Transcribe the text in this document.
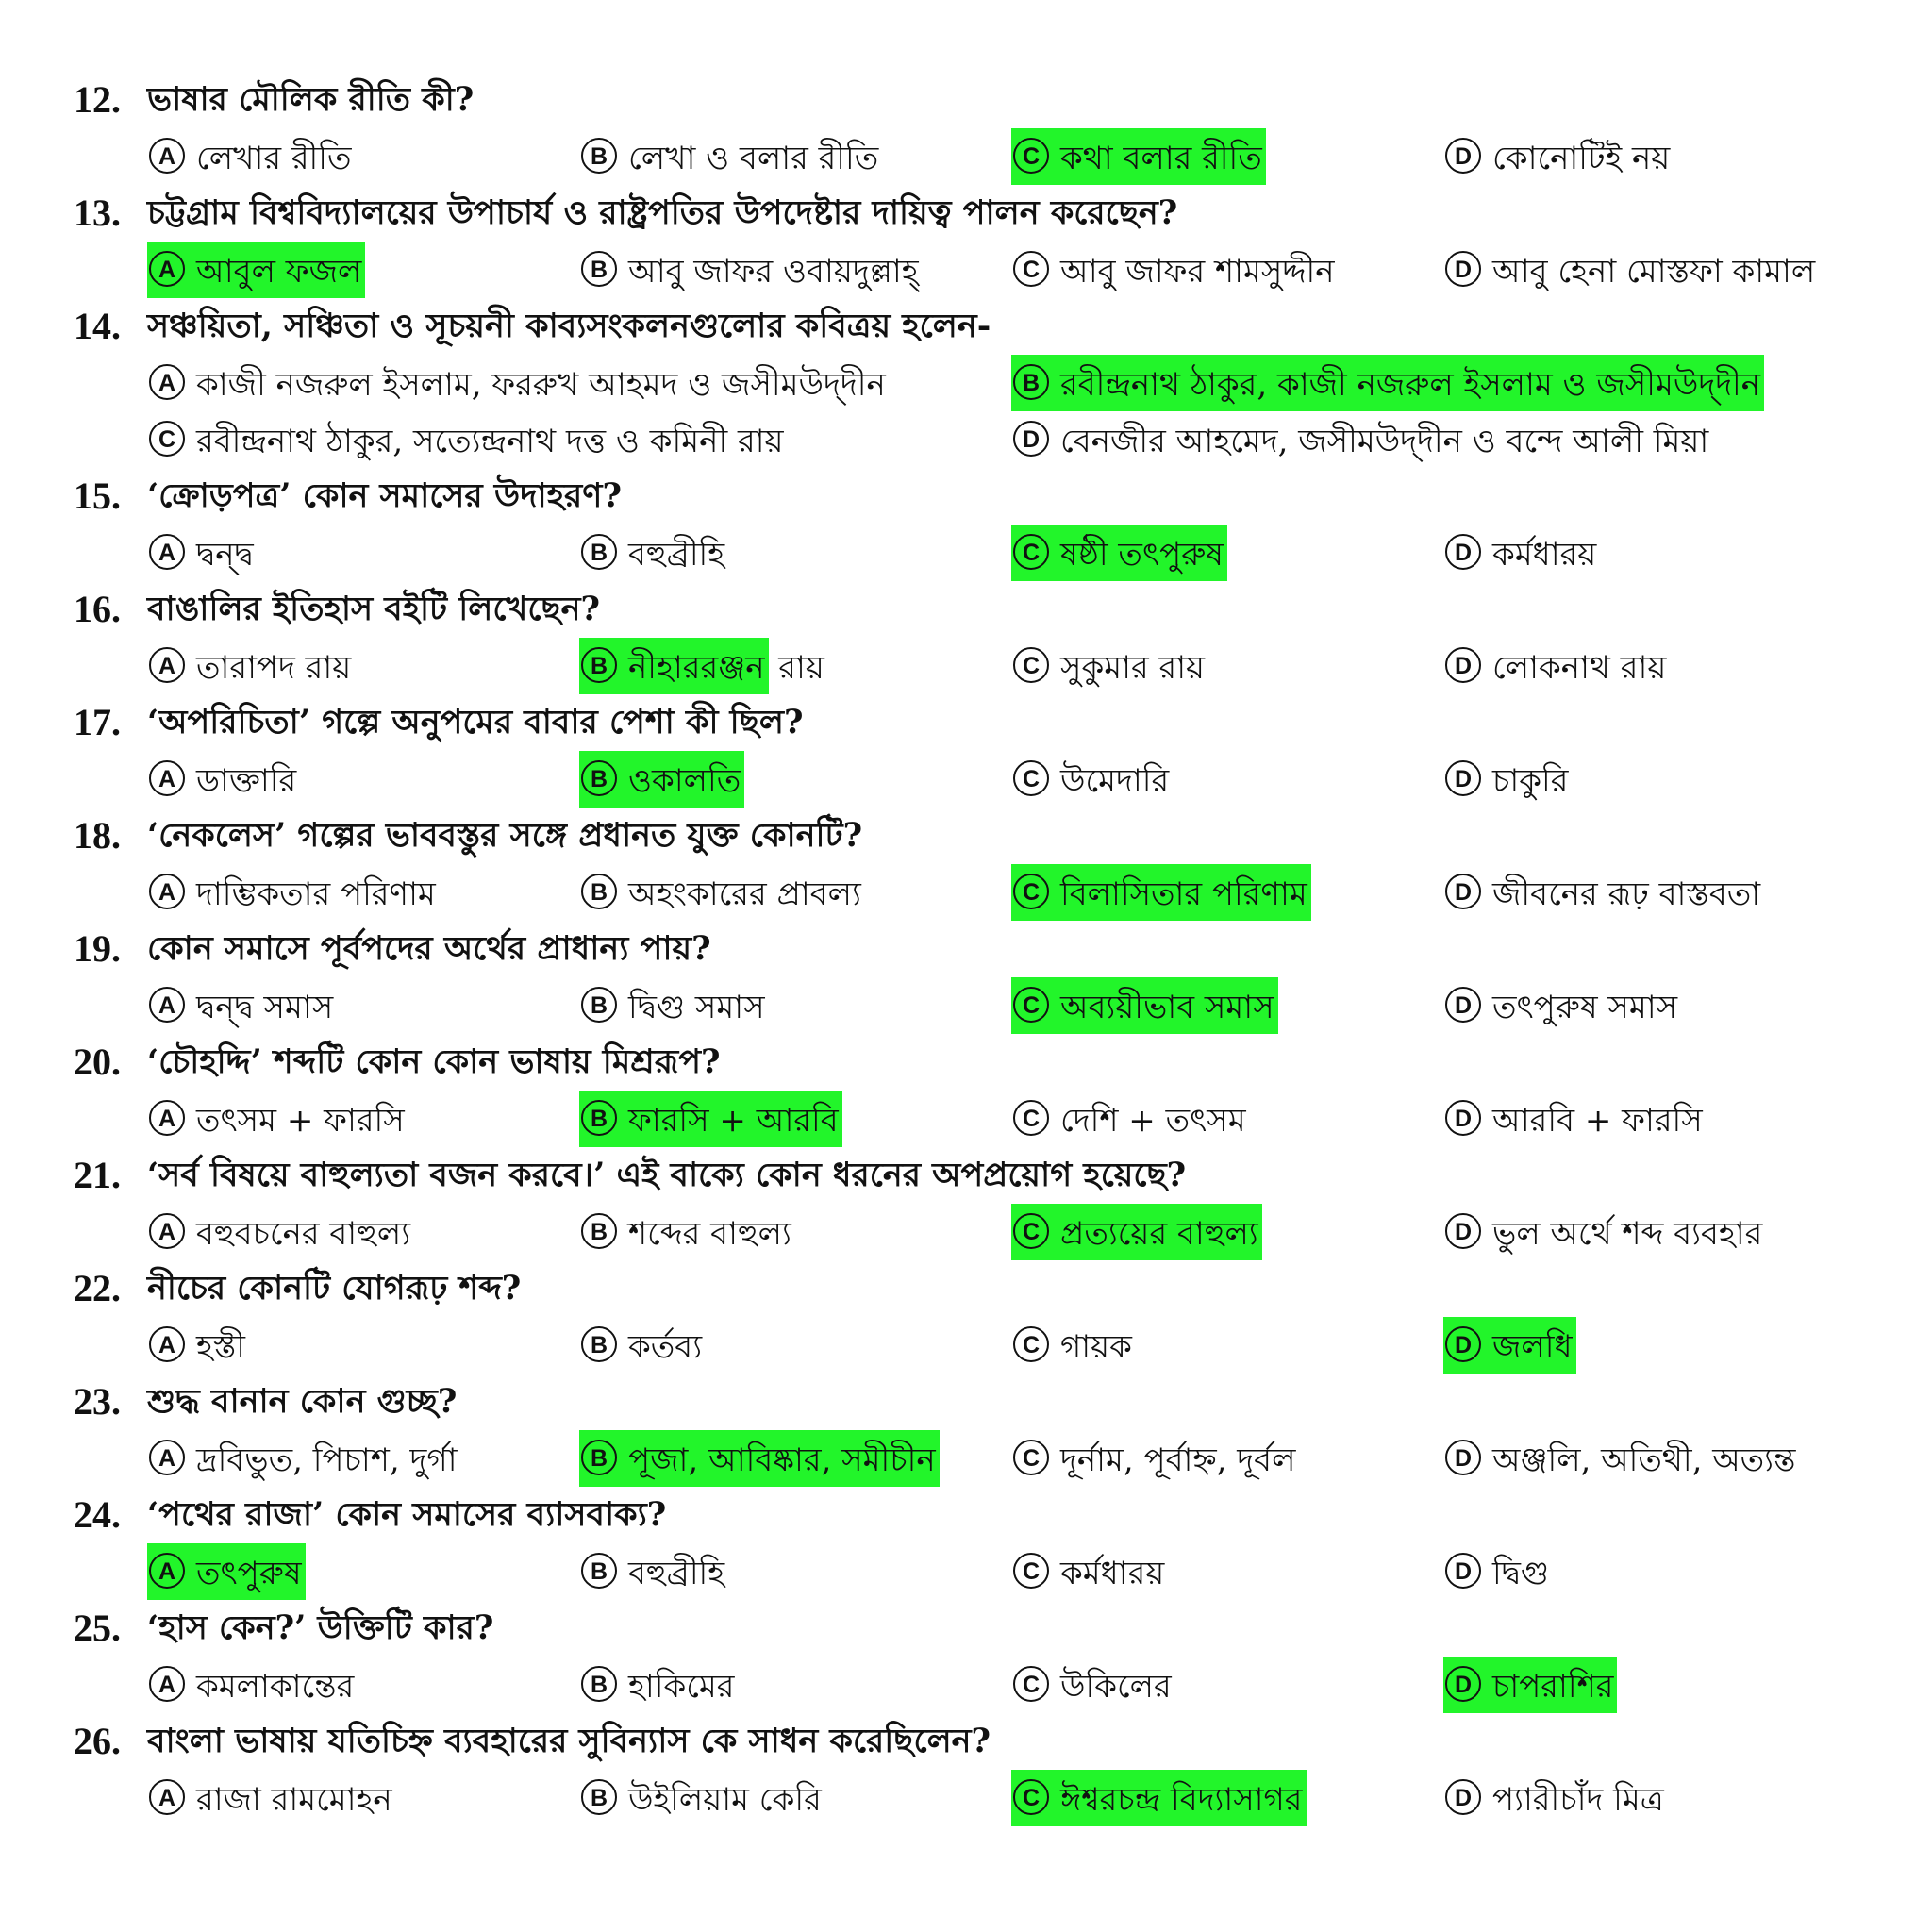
12. ভাষার মৌলিক রীতি কী?
A লেখার রীতি	B লেখা ও বলার রীতি	C কথা বলার রীতি	D কোনোটিই নয়
13. চট্টগ্রাম বিশ্ববিদ্যালয়ের উপাচার্য ও রাষ্ট্রপতির উপদেষ্টার দায়িত্ব পালন করেছেন?
A আবুল ফজল	B আবু জাফর ওবায়দুল্লাহ্	C আবু জাফর শামসুদ্দীন	D আবু হেনা মোস্তফা কামাল
14. সঞ্চয়িতা, সঞ্চিতা ও সূচয়নী কাব্যসংকলনগুলোর কবিত্রয় হলেন-
A কাজী নজরুল ইসলাম, ফররুখ আহমদ ও জসীমউদ্‌দীন	B রবীন্দ্রনাথ ঠাকুর, কাজী নজরুল ইসলাম ও জসীমউদ্‌দীন
C রবীন্দ্রনাথ ঠাকুর, সত্যেন্দ্রনাথ দত্ত ও কমিনী রায়	D বেনজীর আহমেদ, জসীমউদ্‌দীন ও বন্দে আলী মিয়া
15. ‘ক্রোড়পত্র’ কোন সমাসের উদাহরণ?
A দ্বন্দ্ব	B বহুব্রীহি	C ষষ্ঠী তৎপুরুষ	D কর্মধারয়
16. বাঙালির ইতিহাস বইটি লিখেছেন?
A তারাপদ রায়	B নীহাররঞ্জন রায়	C সুকুমার রায়	D লোকনাথ রায়
17. ‘অপরিচিতা’ গল্পে অনুপমের বাবার পেশা কী ছিল?
A ডাক্তারি	B ওকালতি	C উমেদারি	D চাকুরি
18. ‘নেকলেস’ গল্পের ভাববস্তুর সঙ্গে প্রধানত যুক্ত কোনটি?
A দাম্ভিকতার পরিণাম	B অহংকারের প্রাবল্য	C বিলাসিতার পরিণাম	D জীবনের রূঢ় বাস্তবতা
19. কোন সমাসে পূর্বপদের অর্থের প্রাধান্য পায়?
A দ্বন্দ্ব সমাস	B দ্বিগু সমাস	C অব্যয়ীভাব সমাস	D তৎপুরুষ সমাস
20. ‘চৌহদ্দি’ শব্দটি কোন কোন ভাষায় মিশ্ররূপ?
A তৎসম + ফারসি	B ফারসি + আরবি	C দেশি + তৎসম	D আরবি + ফারসি
21. ‘সর্ব বিষয়ে বাহুল্যতা বজন করবে।’ এই বাক্যে কোন ধরনের অপপ্রয়োগ হয়েছে?
A বহুবচনের বাহুল্য	B শব্দের বাহুল্য	C প্রত্যয়ের বাহুল্য	D ভুল অর্থে শব্দ ব্যবহার
22. নীচের কোনটি যোগরূঢ় শব্দ?
A হস্তী	B কর্তব্য	C গায়ক	D জলধি
23. শুদ্ধ বানান কোন গুচ্ছ?
A দ্রবিভুত, পিচাশ, দুর্গা	B পূজা, আবিষ্কার, সমীচীন	C দূর্নাম, পূর্বাহ্ন, দূর্বল	D অঞ্জলি, অতিথী, অত্যন্ত
24. ‘পথের রাজা’ কোন সমাসের ব্যাসবাক্য?
A তৎপুরুষ	B বহুব্রীহি	C কর্মধারয়	D দ্বিগু
25. ‘হাস কেন?’ উক্তিটি কার?
A কমলাকান্তের	B হাকিমের	C উকিলের	D চাপরাশির
26. বাংলা ভাষায় যতিচিহ্ন ব্যবহারের সুবিন্যাস কে সাধন করেছিলেন?
A রাজা রামমোহন	B উইলিয়াম কেরি	C ঈশ্বরচন্দ্র বিদ্যাসাগর	D প্যারীচাঁদ মিত্র
